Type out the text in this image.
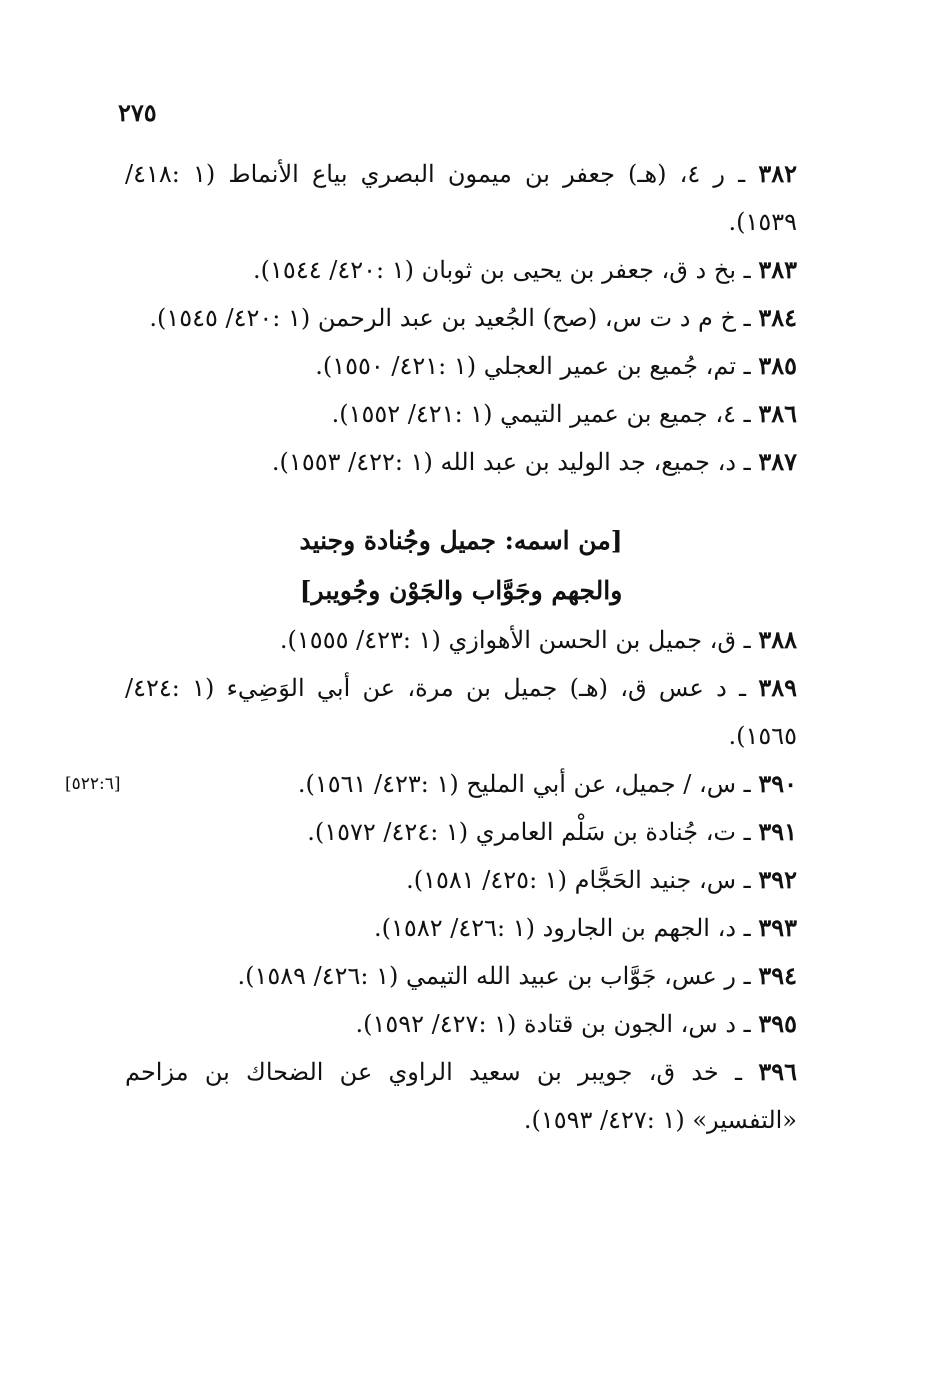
٢٧٥

٣٨٢ ـ ر ٤، (هـ) جعفر بن ميمون البصري بياع الأنماط (١ :٤١٨/ ١٥٣٩).

٣٨٣ ـ بخ د ق، جعفر بن يحيى بن ثوبان (١ :٤٢٠/ ١٥٤٤).

٣٨٤ ـ خ م د ت س، (صح) الجُعيد بن عبد الرحمن (١ :٤٢٠/ ١٥٤٥).

٣٨٥ ـ تم، جُميع بن عمير العجلي (١ :٤٢١/ ١٥٥٠).

٣٨٦ ـ ٤، جميع بن عمير التيمي (١ :٤٢١/ ١٥٥٢).

٣٨٧ ـ د، جميع، جد الوليد بن عبد الله (١ :٤٢٢/ ١٥٥٣).

[من اسمه: جميل وجُنادة وجنيد
والجهم وجَوَّاب والجَوْن وجُويبر]

٣٨٨ ـ ق، جميل بن الحسن الأهوازي (١ :٤٢٣/ ١٥٥٥).

٣٨٩ ـ د عس ق، (هـ) جميل بن مرة، عن أبي الوَضِيء (١ :٤٢٤/ ١٥٦٥).

٣٩٠ ـ س، / جميل، عن أبي المليح (١ :٤٢٣/ ١٥٦١).
[٥٢٢:٦]

٣٩١ ـ ت، جُنادة بن سَلْم العامري (١ :٤٢٤/ ١٥٧٢).

٣٩٢ ـ س، جنيد الحَجَّام (١ :٤٢٥/ ١٥٨١).

٣٩٣ ـ د، الجهم بن الجارود (١ :٤٢٦/ ١٥٨٢).

٣٩٤ ـ ر عس، جَوَّاب بن عبيد الله التيمي (١ :٤٢٦/ ١٥٨٩).

٣٩٥ ـ د س، الجون بن قتادة (١ :٤٢٧/ ١٥٩٢).

٣٩٦ ـ خد ق، جويبر بن سعيد الراوي عن الضحاك بن مزاحم «التفسير» (١ :٤٢٧/ ١٥٩٣).
